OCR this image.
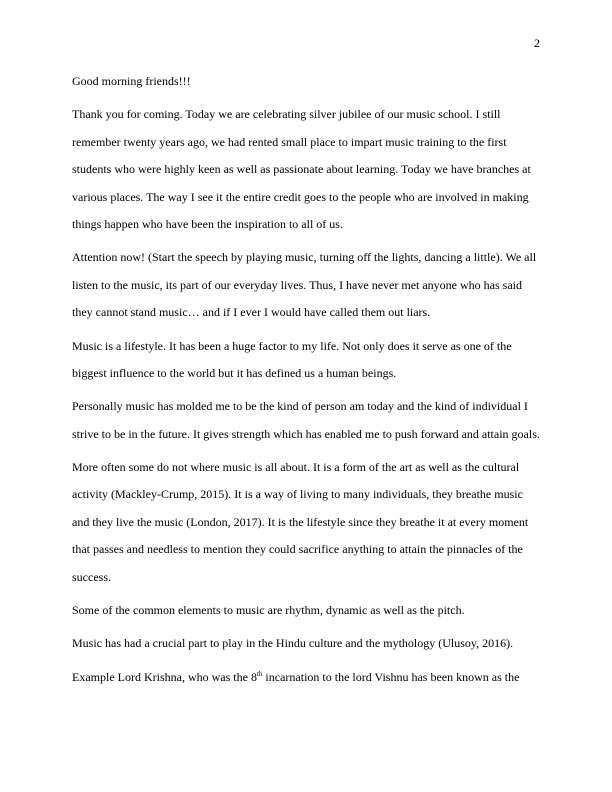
2
Good morning friends!!!
Thank you for coming. Today we are celebrating silver jubilee of our music school. I still
remember twenty years ago, we had rented small place to impart music training to the first
students who were highly keen as well as passionate about learning. Today we have branches at
various places. The way I see it the entire credit goes to the people who are involved in making
things happen who have been the inspiration to all of us.
Attention now! (Start the speech by playing music, turning off the lights, dancing a little). We all
listen to the music, its part of our everyday lives. Thus, I have never met anyone who has said
they cannot stand music… and if I ever I would have called them out liars.
Music is a lifestyle. It has been a huge factor to my life. Not only does it serve as one of the
biggest influence to the world but it has defined us a human beings.
Personally music has molded me to be the kind of person am today and the kind of individual I
strive to be in the future. It gives strength which has enabled me to push forward and attain goals.
More often some do not where music is all about. It is a form of the art as well as the cultural
activity (Mackley-Crump, 2015). It is a way of living to many individuals, they breathe music
and they live the music (London, 2017). It is the lifestyle since they breathe it at every moment
that passes and needless to mention they could sacrifice anything to attain the pinnacles of the
success.
Some of the common elements to music are rhythm, dynamic as well as the pitch.
Music has had a crucial part to play in the Hindu culture and the mythology (Ulusoy, 2016).
Example Lord Krishna, who was the 8th incarnation to the lord Vishnu has been known as the
